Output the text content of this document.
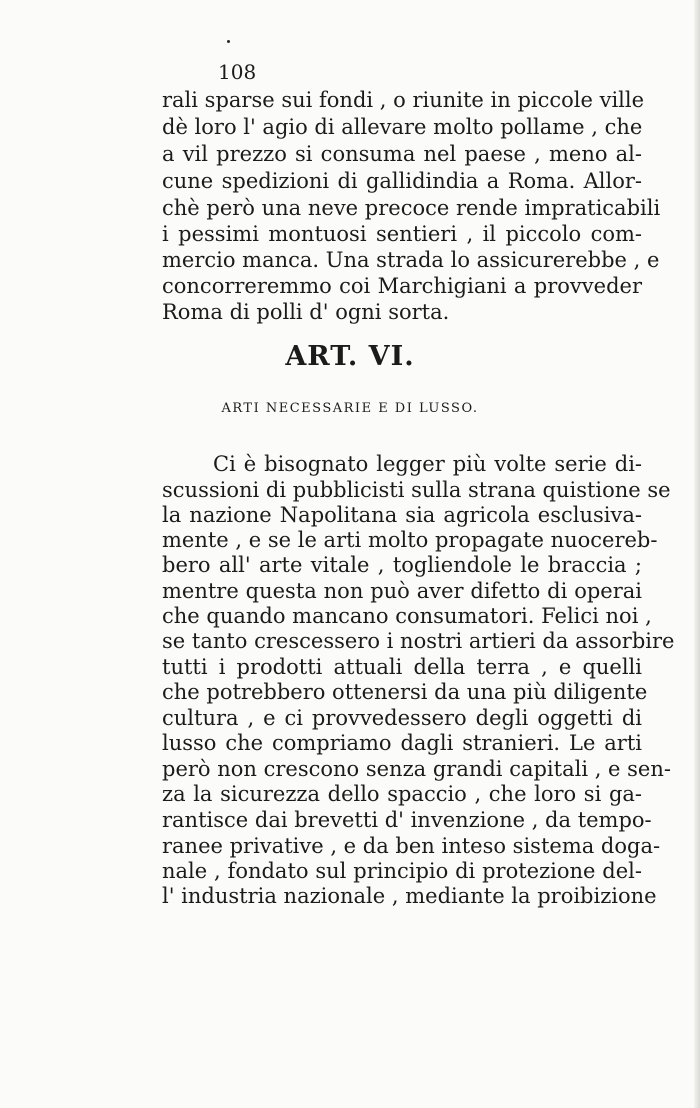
108
rali sparse sui fondi , o riunite in piccole ville
dè loro l' agio di allevare molto pollame , che
a vil prezzo si consuma nel paese , meno al-
cune spedizioni di gallidindia a Roma. Allor-
chè però una neve precoce rende impraticabili
i pessimi montuosi sentieri , il piccolo com-
mercio manca. Una strada lo assicurerebbe , e
concorreremmo coi Marchigiani a provveder
Roma di polli d' ogni sorta.
ART. VI.
ARTI NECESSARIE E DI LUSSO.
Ci è bisognato legger più volte serie di-
scussioni di pubblicisti sulla strana quistione se
la nazione Napolitana sia agricola esclusiva-
mente , e se le arti molto propagate nuocereb-
bero all' arte vitale , togliendole le braccia ;
mentre questa non può aver difetto di operai
che quando mancano consumatori. Felici noi ,
se tanto crescessero i nostri artieri da assorbire
tutti i prodotti attuali della terra , e quelli
che potrebbero ottenersi da una più diligente
cultura , e ci provvedessero degli oggetti di
lusso che compriamo dagli stranieri. Le arti
però non crescono senza grandi capitali , e sen-
za la sicurezza dello spaccio , che loro si ga-
rantisce dai brevetti d' invenzione , da tempo-
ranee privative , e da ben inteso sistema doga-
nale , fondato sul principio di protezione del-
l' industria nazionale , mediante la proibizione
